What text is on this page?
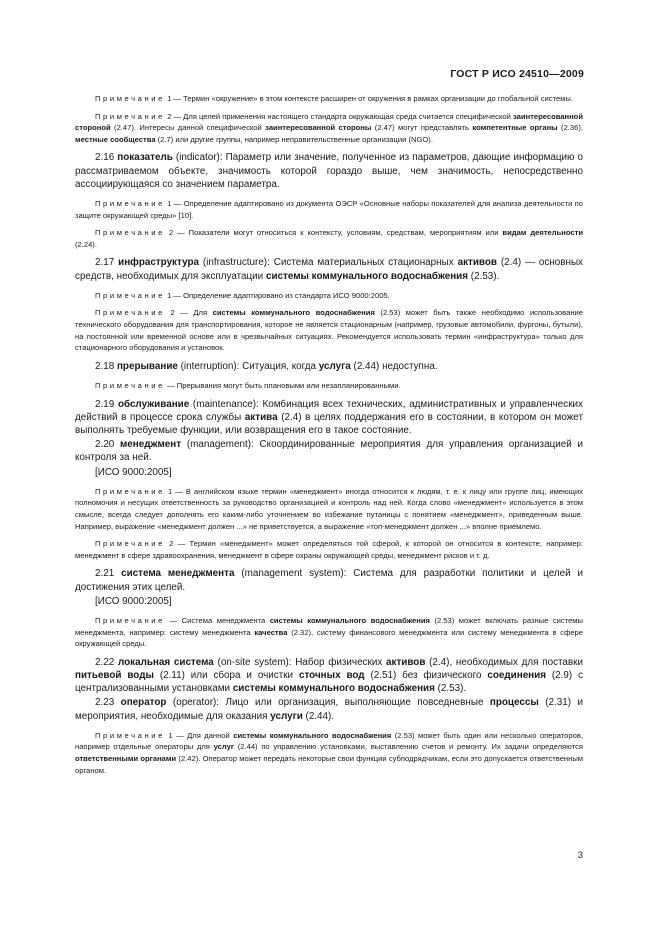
ГОСТ Р ИСО 24510—2009

Примечание 1 — Термин «окружение» в этом контексте расширен от окружения в рамках организации до глобальной системы.

Примечание 2 — Для целей применения настоящего стандарта окружающая среда считается специфической заинтересованной стороной (2.47). Интересы данной специфической заинтересованной стороны (2.47) могут представлять компетентные органы (2.36), местные сообщества (2.7) или другие группы, например неправительственные организации (NGO).

2.16 показатель (indicator): Параметр или значение, полученное из параметров, дающие информацию о рассматриваемом объекте, значимость которой гораздо выше, чем значимость, непосредственно ассоциирующаяся со значением параметра.

Примечание 1 — Определение адаптировано из документа ОЭСР «Основные наборы показателей для анализа деятельности по защите окружающей среды» [10].

Примечание 2 — Показатели могут относиться к контексту, условиям, средствам, мероприятиям или видам деятельности (2.24).

2.17 инфраструктура (infrastructure): Система материальных стационарных активов (2.4) — основных средств, необходимых для эксплуатации системы коммунального водоснабжения (2.53).

Примечание 1 — Определение адаптировано из стандарта ИСО 9000:2005.

Примечание 2 — Для системы коммунального водоснабжения (2.53) может быть также необходимо использование технического оборудования для транспортирования, которое не является стационарным (например, грузовые автомобили, фургоны, бутыли), на постоянной или временной основе или в чрезвычайных ситуациях. Рекомендуется использовать термин «инфраструктура» только для стационарного оборудования и установок.

2.18 прерывание (interruption): Ситуация, когда услуга (2.44) недоступна.

Примечание — Прерывания могут быть плановыми или незапланированными.

2.19 обслуживание (maintenance): Комбинация всех технических, административных и управленческих действий в процессе срока службы актива (2.4) в целях поддержания его в состоянии, в котором он может выполнять требуемые функции, или возвращения его в такое состояние.

2.20 менеджмент (management): Скоординированные мероприятия для управления организацией и контроля за ней.

[ИСО 9000:2005]

Примечание 1 — В английском языке термин «менеджмент» иногда относится к людям, т. е. к лицу или группе лиц, имеющих полномочия и несущих ответственность за руководство организацией и контроль над ней. Когда слово «менеджмент» используется в этом смысле, всегда следует дополнять его каким-либо уточнением во избежание путаницы с понятием «менеджмент», приведенным выше. Например, выражение «менеджмент должен ...» не приветствуется, а выражение «топ-менеджмент должен ...» вполне приемлемо.

Примечание 2 — Термин «менеджмент» может определяться той сферой, к которой он относится в контексте, например: менеджмент в сфере здравоохранения, менеджмент в сфере охраны окружающей среды, менеджмент рисков и т. д.

2.21 система менеджмента (management system): Система для разработки политики и целей и достижения этих целей.

[ИСО 9000:2005]

Примечание — Система менеджмента системы коммунального водоснабжения (2.53) может включать разные системы менеджмента, например: систему менеджмента качества (2.32), систему финансового менеджмента или систему менеджмента в сфере окружающей среды.

2.22 локальная система (on-site system): Набор физических активов (2.4), необходимых для поставки питьевой воды (2.11) или сбора и очистки сточных вод (2.51) без физического соединения (2.9) с централизованными установками системы коммунального водоснабжения (2.53).

2.23 оператор (operator): Лицо или организация, выполняющие повседневные процессы (2.31) и мероприятия, необходимые для оказания услуги (2.44).

Примечание 1 — Для данной системы коммунального водоснабжения (2.53) может быть один или несколько операторов, например отдельные операторы для услуг (2.44) по управлению установками, выставлению счетов и ремонту. Их задачи определяются ответственными органами (2.42). Оператор может передать некоторые свои функции субподрядчикам, если это допускается ответственным органом.

3
